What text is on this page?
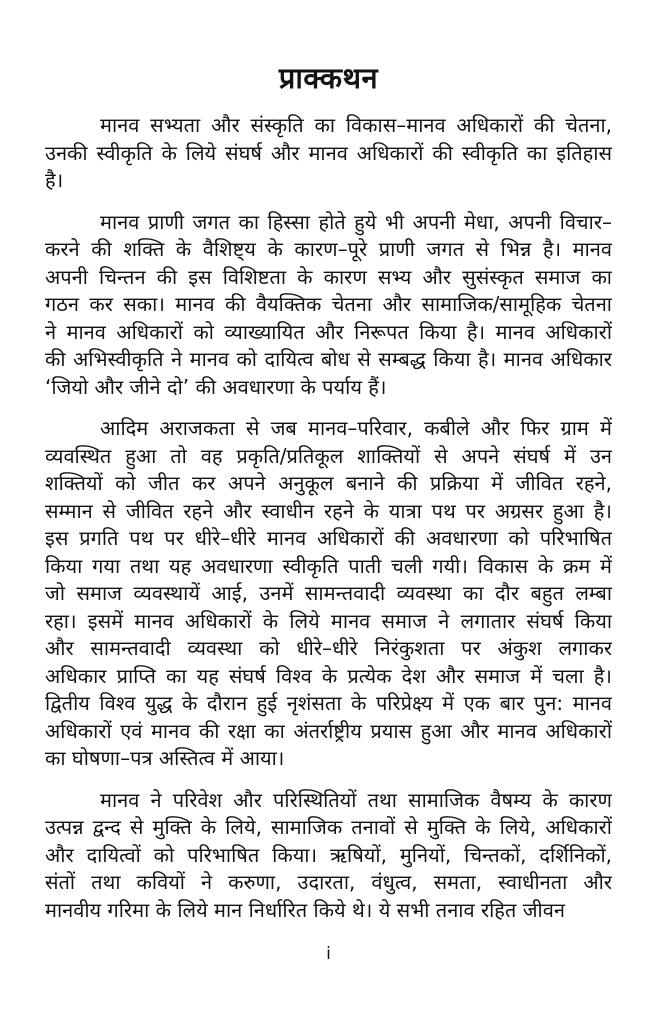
प्राक्कथन
मानव सभ्यता और संस्कृति का विकास–मानव अधिकारों की चेतना,
उनकी स्वीकृति के लिये संघर्ष और मानव अधिकारों की स्वीकृति का इतिहास
है।
मानव प्राणी जगत का हिस्सा होते हुये भी अपनी मेधा, अपनी विचार–
करने की शक्ति के वैशिष्ट्य के कारण–पूरे प्राणी जगत से भिन्न है। मानव
अपनी चिन्तन की इस विशिष्टता के कारण सभ्य और सुसंस्कृत समाज का
गठन कर सका। मानव की वैयक्तिक चेतना और सामाजिक/सामूहिक चेतना
ने मानव अधिकारों को व्याख्यायित और निरूपत किया है। मानव अधिकारों
की अभिस्वीकृति ने मानव को दायित्व बोध से सम्बद्ध किया है। मानव अधिकार
‘जियो और जीने दो’ की अवधारणा के पर्याय हैं।
आदिम अराजकता से जब मानव–परिवार, कबीले और फिर ग्राम में
व्यवस्थित हुआ तो वह प्रकृति/प्रतिकूल शाक्तियों से अपने संघर्ष में उन
शक्तियों को जीत कर अपने अनुकूल बनाने की प्रक्रिया में जीवित रहने,
सम्मान से जीवित रहने और स्वाधीन रहने के यात्रा पथ पर अग्रसर हुआ है।
इस प्रगति पथ पर धीरे–धीरे मानव अधिकारों की अवधारणा को परिभाषित
किया गया तथा यह अवधारणा स्वीकृति पाती चली गयी। विकास के क्रम में
जो समाज व्यवस्थायें आई, उनमें सामन्तवादी व्यवस्था का दौर बहुत लम्बा
रहा। इसमें मानव अधिकारों के लिये मानव समाज ने लगातार संघर्ष किया
और सामन्तवादी व्यवस्था को धीरे–धीरे निरंकुशता पर अंकुश लगाकर
अधिकार प्राप्ति का यह संघर्ष विश्व के प्रत्येक देश और समाज में चला है।
द्वितीय विश्व युद्ध के दौरान हुई नृशंसता के परिप्रेक्ष्य में एक बार पुन: मानव
अधिकारों एवं मानव की रक्षा का अंतर्राष्ट्रीय प्रयास हुआ और मानव अधिकारों
का घोषणा–पत्र अस्तित्व में आया।
मानव ने परिवेश और परिस्थितियों तथा सामाजिक वैषम्य के कारण
उत्पन्न द्वन्द से मुक्ति के लिये, सामाजिक तनावों से मुक्ति के लिये, अधिकारों
और दायित्वों को परिभाषित किया। ऋषियों, मुनियों, चिन्तकों, दर्शिनिकों,
संतों तथा कवियों ने करुणा, उदारता, वंधुत्व, समता, स्वाधीनता और
मानवीय गरिमा के लिये मान निर्धारित किये थे। ये सभी तनाव रहित जीवन
i
